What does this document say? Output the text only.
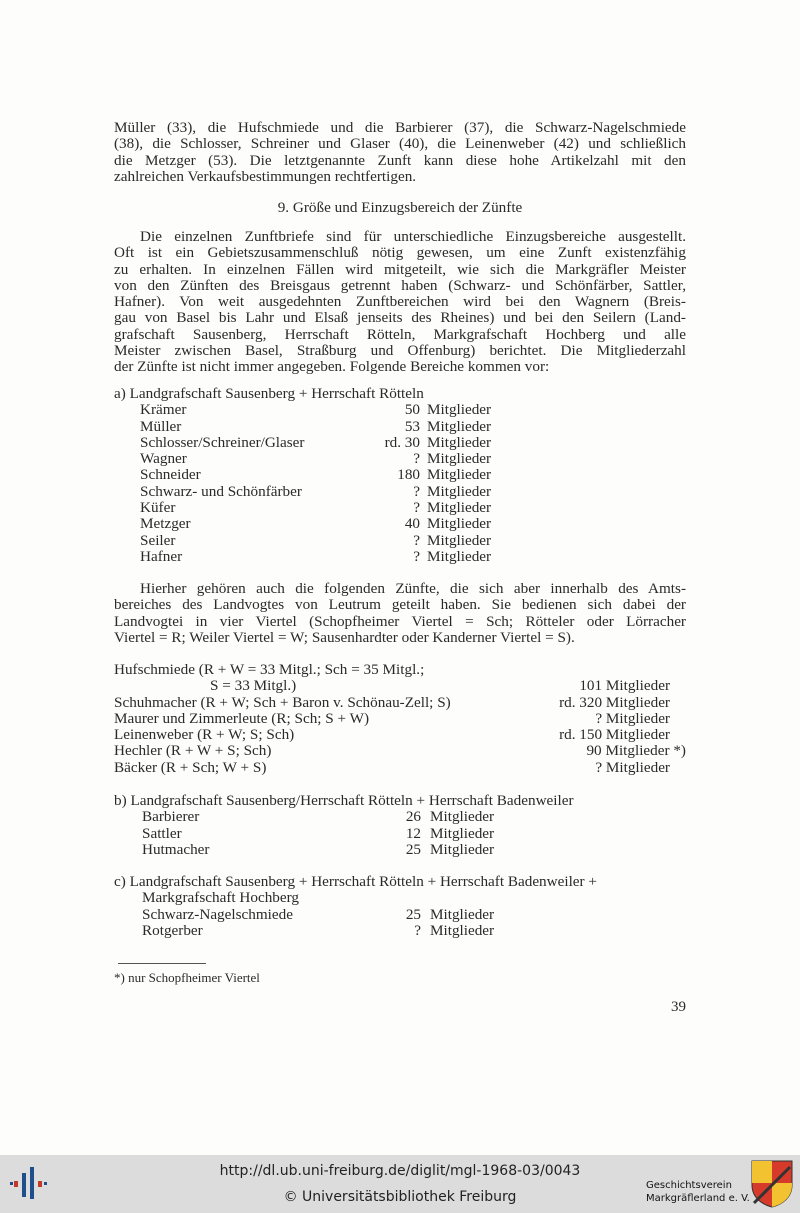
Müller (33), die Hufschmiede und die Barbierer (37), die Schwarz-Nagelschmiede
(38), die Schlosser, Schreiner und Glaser (40), die Leinenweber (42) und schließlich
die Metzger (53). Die letztgenannte Zunft kann diese hohe Artikelzahl mit den
zahlreichen Verkaufsbestimmungen rechtfertigen.

9. Größe und Einzugsbereich der Zünfte

Die einzelnen Zunftbriefe sind für unterschiedliche Einzugsbereiche ausgestellt.
Oft ist ein Gebietszusammenschluß nötig gewesen, um eine Zunft existenzfähig
zu erhalten. In einzelnen Fällen wird mitgeteilt, wie sich die Markgräfler Meister
von den Zünften des Breisgaus getrennt haben (Schwarz- und Schönfärber, Sattler,
Hafner). Von weit ausgedehnten Zunftbereichen wird bei den Wagnern (Breis-
gau von Basel bis Lahr und Elsaß jenseits des Rheines) und bei den Seilern (Land-
grafschaft Sausenberg, Herrschaft Rötteln, Markgrafschaft Hochberg und alle
Meister zwischen Basel, Straßburg und Offenburg) berichtet. Die Mitgliederzahl
der Zünfte ist nicht immer angegeben. Folgende Bereiche kommen vor:

a) Landgrafschaft Sausenberg + Herrschaft Rötteln
Krämer	50 Mitglieder
Müller	53 Mitglieder
Schlosser/Schreiner/Glaser	rd. 30 Mitglieder
Wagner	? Mitglieder
Schneider	180 Mitglieder
Schwarz- und Schönfärber	? Mitglieder
Küfer	? Mitglieder
Metzger	40 Mitglieder
Seiler	? Mitglieder
Hafner	? Mitglieder

Hierher gehören auch die folgenden Zünfte, die sich aber innerhalb des Amts-
bereiches des Landvogtes von Leutrum geteilt haben. Sie bedienen sich dabei der
Landvogtei in vier Viertel (Schopfheimer Viertel = Sch; Rötteler oder Lörracher
Viertel = R; Weiler Viertel = W; Sausenhardter oder Kanderner Viertel = S).

Hufschmiede (R + W = 33 Mitgl.; Sch = 35 Mitgl.;
S = 33 Mitgl.)	101 Mitglieder
Schuhmacher (R + W; Sch + Baron v. Schönau-Zell; S)	rd. 320 Mitglieder
Maurer und Zimmerleute (R; Sch; S + W)	? Mitglieder
Leinenweber (R + W; S; Sch)	rd. 150 Mitglieder
Hechler (R + W + S; Sch)	90 Mitglieder *)
Bäcker (R + Sch; W + S)	? Mitglieder
b) Landgrafschaft Sausenberg/Herrschaft Rötteln + Herrschaft Badenweiler
Barbierer	26 Mitglieder
Sattler	12 Mitglieder
Hutmacher	25 Mitglieder
c) Landgrafschaft Sausenberg + Herrschaft Rötteln + Herrschaft Badenweiler +
Markgrafschaft Hochberg
Schwarz-Nagelschmiede	25 Mitglieder
Rotgerber	? Mitglieder
*) nur Schopfheimer Viertel
39
http://dl.ub.uni-freiburg.de/diglit/mgl-1968-03/0043
© Universitätsbibliothek Freiburg
Geschichtsverein
Markgräflerland e. V.
